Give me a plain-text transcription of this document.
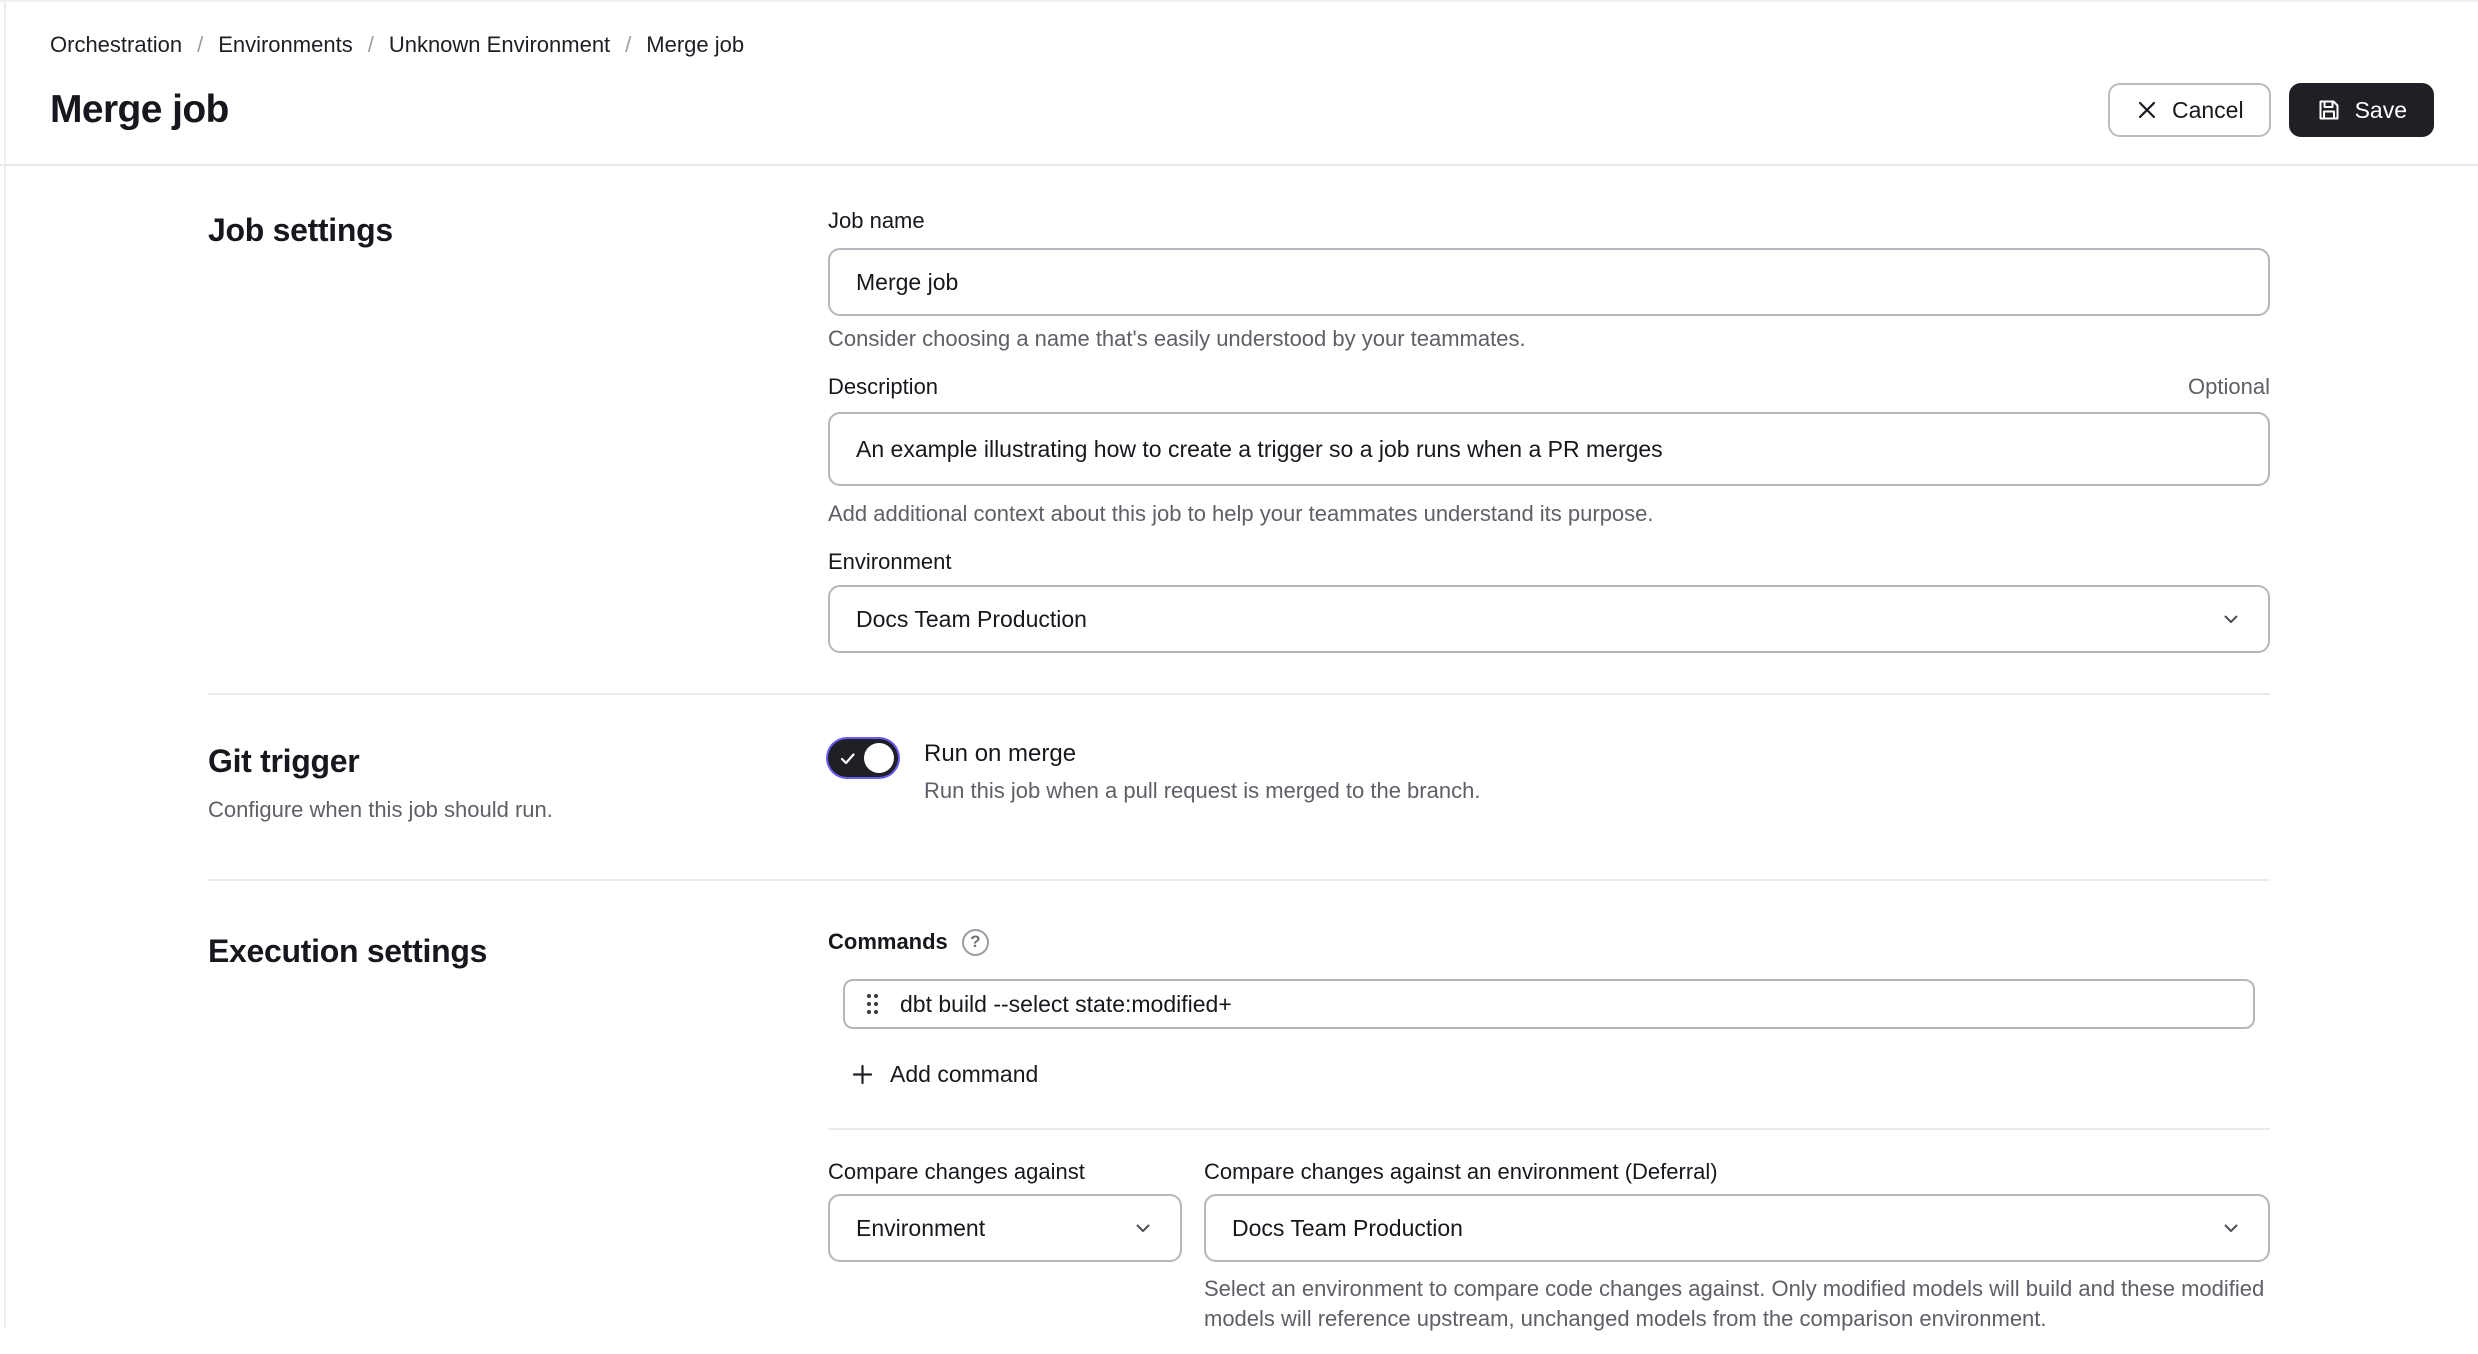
Orchestration / Environments / Unknown Environment / Merge job
Merge job	Cancel	Save
Job settings	Job name
Merge job

Consider choosing a name that's easily understood by your teammates.

Description	Optional
An example illustrating how to create a trigger so a job runs when a PR merges

Add additional context about this job to help your teammates understand its purpose.

Environment
Docs Team Production
Git trigger

Configure when this job should run.

Run on merge
Run this job when a pull request is merged to the branch.
Execution settings	Commands	?
dbt build --select state:modified+
Add command
Compare changes against
Environment
Compare changes against an environment (Deferral)
Docs Team Production

Select an environment to compare code changes against. Only modified models will build and these modified models will reference upstream, unchanged models from the comparison environment.
